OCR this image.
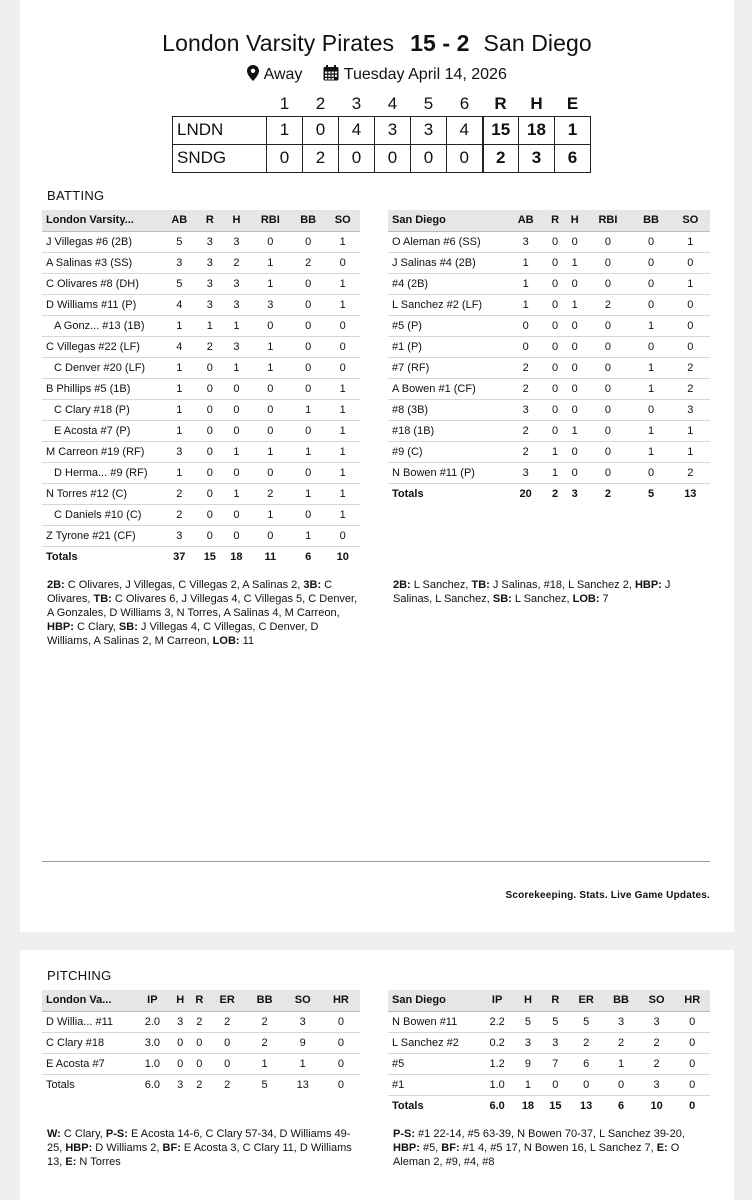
London Varsity Pirates 15 - 2 San Diego
Away	Tuesday April 14, 2026
	1	2	3	4	5	6	R	H	E
LNDN	1	0	4	3	3	4	15	18	1
SNDG	0	2	0	0	0	0	2	3	6
BATTING
London Varsity...	AB	R	H	RBI	BB	SO
J Villegas #6 (2B)	5	3	3	0	0	1
A Salinas #3 (SS)	3	3	2	1	2	0
C Olivares #8 (DH)	5	3	3	1	0	1
D Williams #11 (P)	4	3	3	3	0	1
A Gonz... #13 (1B)	1	1	1	0	0	0
C Villegas #22 (LF)	4	2	3	1	0	0
C Denver #20 (LF)	1	0	1	1	0	0
B Phillips #5 (1B)	1	0	0	0	0	1
C Clary #18 (P)	1	0	0	0	1	1
E Acosta #7 (P)	1	0	0	0	0	1
M Carreon #19 (RF)	3	0	1	1	1	1
D Herma... #9 (RF)	1	0	0	0	0	1
N Torres #12 (C)	2	0	1	2	1	1
C Daniels #10 (C)	2	0	0	1	0	1
Z Tyrone #21 (CF)	3	0	0	0	1	0
Totals	37	15	18	11	6	10
San Diego	AB	R	H	RBI	BB	SO
O Aleman #6 (SS)	3	0	0	0	0	1
J Salinas #4 (2B)	1	0	1	0	0	0
#4 (2B)	1	0	0	0	0	1
L Sanchez #2 (LF)	1	0	1	2	0	0
#5 (P)	0	0	0	0	1	0
#1 (P)	0	0	0	0	0	0
#7 (RF)	2	0	0	0	1	2
A Bowen #1 (CF)	2	0	0	0	1	2
#8 (3B)	3	0	0	0	0	3
#18 (1B)	2	0	1	0	1	1
#9 (C)	2	1	0	0	1	1
N Bowen #11 (P)	3	1	0	0	0	2
Totals	20	2	3	2	5	13
2B: C Olivares, J Villegas, C Villegas 2, A Salinas 2, 3B: C Olivares, TB: C Olivares 6, J Villegas 4, C Villegas 5, C Denver, A Gonzales, D Williams 3, N Torres, A Salinas 4, M Carreon, HBP: C Clary, SB: J Villegas 4, C Villegas, C Denver, D Williams, A Salinas 2, M Carreon, LOB: 11
2B: L Sanchez, TB: J Salinas, #18, L Sanchez 2, HBP: J Salinas, L Sanchez, SB: L Sanchez, LOB: 7
Scorekeeping. Stats. Live Game Updates.
PITCHING
London Va...	IP	H	R	ER	BB	SO	HR
D Willia... #11	2.0	3	2	2	2	3	0
C Clary #18	3.0	0	0	0	2	9	0
E Acosta #7	1.0	0	0	0	1	1	0
Totals	6.0	3	2	2	5	13	0
San Diego	IP	H	R	ER	BB	SO	HR
N Bowen #11	2.2	5	5	5	3	3	0
L Sanchez #2	0.2	3	3	2	2	2	0
#5	1.2	9	7	6	1	2	0
#1	1.0	1	0	0	0	3	0
Totals	6.0	18	15	13	6	10	0
W: C Clary, P-S: E Acosta 14-6, C Clary 57-34, D Williams 49-25, HBP: D Williams 2, BF: E Acosta 3, C Clary 11, D Williams 13, E: N Torres
P-S: #1 22-14, #5 63-39, N Bowen 70-37, L Sanchez 39-20, HBP: #5, BF: #1 4, #5 17, N Bowen 16, L Sanchez 7, E: O Aleman 2, #9, #4, #8
